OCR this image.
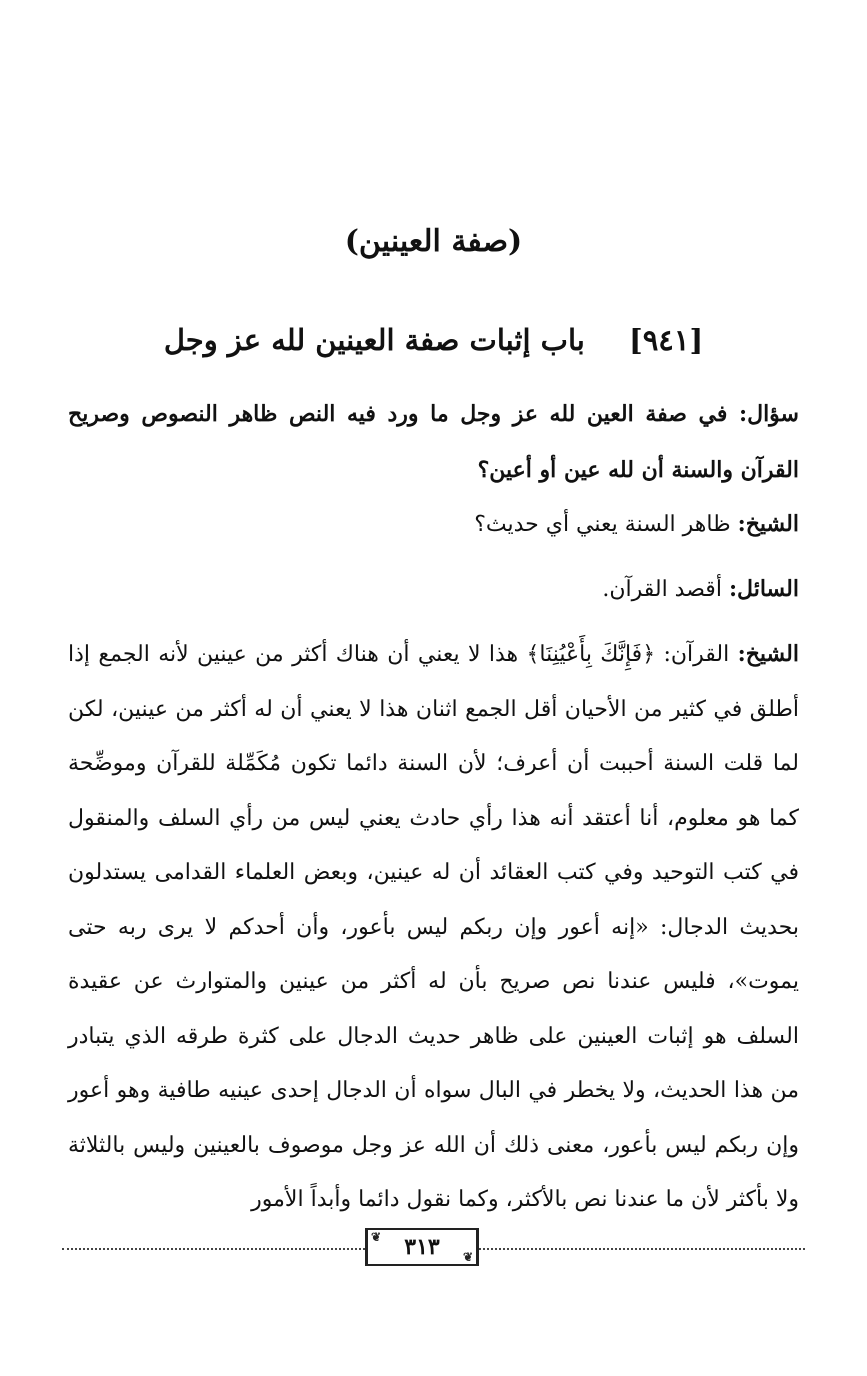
(صفة العينين)
[٩٤١] باب إثبات صفة العينين لله عز وجل
سؤال: في صفة العين لله عز وجل ما ورد فيه النص ظاهر النصوص وصريح القرآن والسنة أن لله عين أو أعين؟
الشيخ: ظاهر السنة يعني أي حديث؟
السائل: أقصد القرآن.
الشيخ: القرآن: ﴿فَإِنَّكَ بِأَعْيُنِنَا﴾ هذا لا يعني أن هناك أكثر من عينين لأنه الجمع إذا أطلق في كثير من الأحيان أقل الجمع اثنان هذا لا يعني أن له أكثر من عينين، لكن لما قلت السنة أحببت أن أعرف؛ لأن السنة دائما تكون مُكَمِّلة للقرآن وموضِّحة كما هو معلوم، أنا أعتقد أنه هذا رأي حادث يعني ليس من رأي السلف والمنقول في كتب التوحيد وفي كتب العقائد أن له عينين، وبعض العلماء القدامى يستدلون بحديث الدجال: «إنه أعور وإن ربكم ليس بأعور، وأن أحدكم لا يرى ربه حتى يموت»، فليس عندنا نص صريح بأن له أكثر من عينين والمتوارث عن عقيدة السلف هو إثبات العينين على ظاهر حديث الدجال على كثرة طرقه الذي يتبادر من هذا الحديث، ولا يخطر في البال سواه أن الدجال إحدى عينيه طافية وهو أعور وإن ربكم ليس بأعور، معنى ذلك أن الله عز وجل موصوف بالعينين وليس بالثلاثة ولا بأكثر لأن ما عندنا نص بالأكثر، وكما نقول دائما وأبداً الأمور
❦ ٣١٣ ❦
